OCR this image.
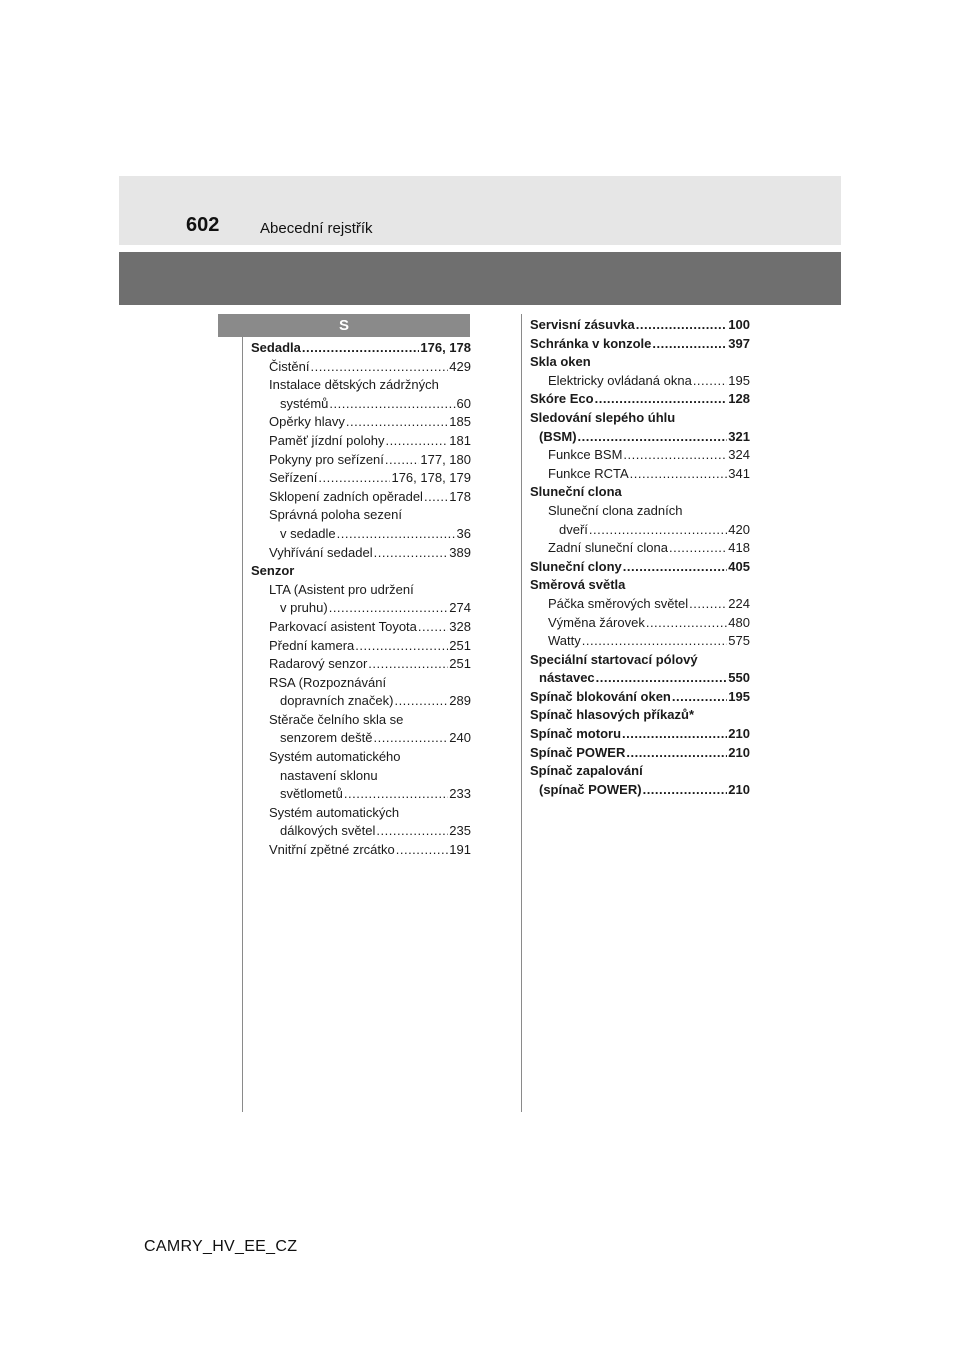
602	Abecední rejstřík
S
Sedadla .....	176, 178
Čistění .....	429
Instalace dětských zádržných
systémů .....	60
Opěrky hlavy .....	185
Paměť jízdní polohy .....	181
Pokyny pro seřízení .....	177, 180
Seřízení .....	176, 178, 179
Sklopení zadních opěradel ..... 178
Správná poloha sezení
v sedadle .....	36
Vyhřívání sedadel .....	389
Senzor
LTA (Asistent pro udržení
v pruhu) .....	274
Parkovací asistent Toyota ..... 328
Přední kamera .....	251
Radarový senzor .....	251
RSA (Rozpoznávání
dopravních značek) .....	289
Stěrače čelního skla se
senzorem deště .....	240
Systém automatického
nastavení sklonu
světlometů .....	233
Systém automatických
dálkových světel .....	235
Vnitřní zpětné zrcátko .....	191
Servisní zásuvka .....	100
Schránka v konzole .....	397
Skla oken
Elektricky ovládaná okna .....	195
Skóre Eco .....	128
Sledování slepého úhlu
(BSM) .....	321
Funkce BSM .....	324
Funkce RCTA .....	341
Sluneční clona
Sluneční clona zadních
dveří .....	420
Zadní sluneční clona .....	418
Sluneční clony .....	405
Směrová světla
Páčka směrových světel .....	224
Výměna žárovek .....	480
Watty .....	575
Speciální startovací pólový
nástavec .....	550
Spínač blokování oken .....	195
Spínač hlasových příkazů*
Spínač motoru .....	210
Spínač POWER .....	210
Spínač zapalování
(spínač POWER) .....	210
CAMRY_HV_EE_CZ
